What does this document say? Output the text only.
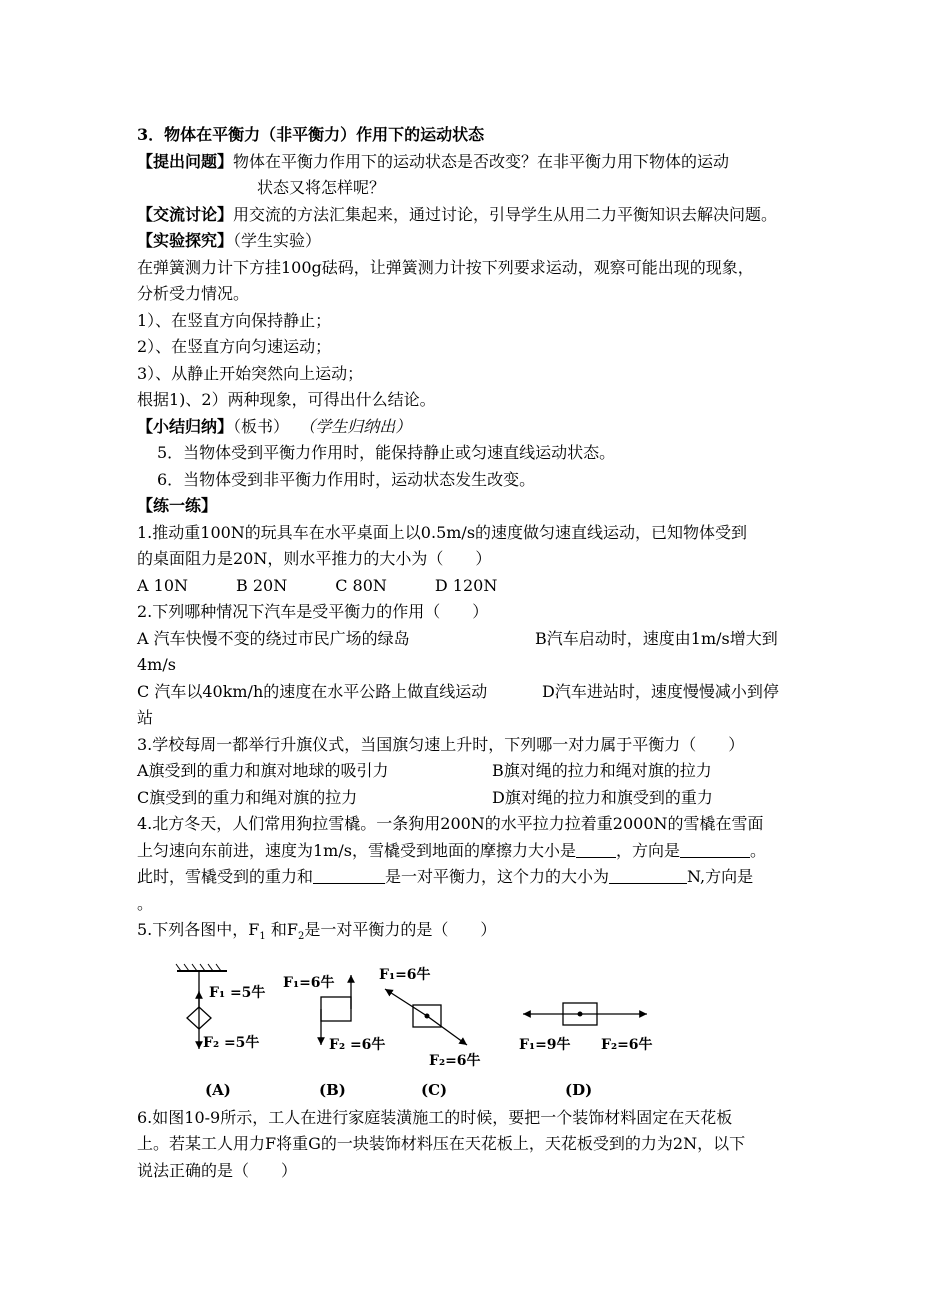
3．物体在平衡力（非平衡力）作用下的运动状态
【提出问题】物体在平衡力作用下的运动状态是否改变？在非平衡力用下物体的运动
状态又将怎样呢？
【交流讨论】用交流的方法汇集起来，通过讨论，引导学生从用二力平衡知识去解决问题。
【实验探究】（学生实验）
在弹簧测力计下方挂100g砝码，让弹簧测力计按下列要求运动，观察可能出现的现象，
分析受力情况。
1）、在竖直方向保持静止；
2）、在竖直方向匀速运动；
3）、从静止开始突然向上运动；
根据1)、2）两种现象，可得出什么结论。
【小结归纳】（板书） （学生归纳出）
5．当物体受到平衡力作用时，能保持静止或匀速直线运动状态。
6．当物体受到非平衡力作用时，运动状态发生改变。
【练一练】
1.推动重100N的玩具车在水平桌面上以0.5m/s的速度做匀速直线运动，已知物体受到
的桌面阻力是20N，则水平推力的大小为（　　）
A 10N　　　B 20N　　　C 80N　　　D 120N
2.下列哪种情况下汽车是受平衡力的作用（　　）
A 汽车快慢不变的绕过市民广场的绿岛	B汽车启动时，速度由1m/s增大到
4m/s
C 汽车以40km/h的速度在水平公路上做直线运动	D汽车进站时，速度慢慢减小到停
站
3.学校每周一都举行升旗仪式，当国旗匀速上升时，下列哪一对力属于平衡力（　　）
A旗受到的重力和旗对地球的吸引力	B旗对绳的拉力和绳对旗的拉力
C旗受到的重力和绳对旗的拉力	D旗对绳的拉力和旗受到的重力
4.北方冬天，人们常用狗拉雪橇。一条狗用200N的水平拉力拉着重2000N的雪橇在雪面
上匀速向东前进，速度为1m/s，雪橇受到地面的摩擦力大小是	，方向是	。
此时，雪橇受到的重力和	是一对平衡力，这个力的大小为	N,方向是
。
5.下列各图中，$F_1$ 和$F_2$是一对平衡力的是（　　）
F₁ =5牛
F₂ =5牛
(A)
F₁=6牛
F₂ =6牛
(B)
F₁=6牛
F₂=6牛
(C)
F₁=9牛 F₂=6牛
(D)
6.如图10-9所示，工人在进行家庭装潢施工的时候，要把一个装饰材料固定在天花板
上。若某工人用力F将重G的一块装饰材料压在天花板上，天花板受到的力为2N，以下
说法正确的是（　　）
